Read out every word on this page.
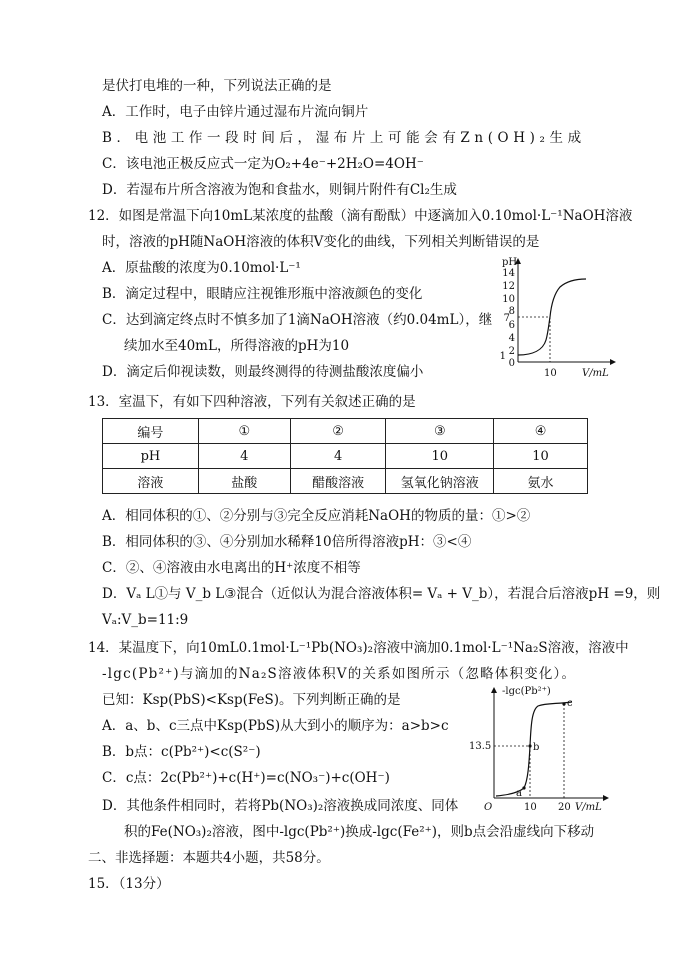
是伏打电堆的一种，下列说法正确的是
A．工作时，电子由锌片通过湿布片流向铜片
B．电池工作一段时间后，湿布片上可能会有Zn(OH)₂生成
C．该电池正极反应式一定为O₂+4e⁻+2H₂O=4OH⁻
D．若湿布片所含溶液为饱和食盐水，则铜片附件有Cl₂生成
12．如图是常温下向10mL某浓度的盐酸（滴有酚酞）中逐滴加入0.10mol·L⁻¹NaOH溶液
时，溶液的pH随NaOH溶液的体积V变化的曲线，下列相关判断错误的是
A．原盐酸的浓度为0.10mol·L⁻¹
B．滴定过程中，眼睛应注视锥形瓶中溶液颜色的变化
C．达到滴定终点时不慎多加了1滴NaOH溶液（约0.04mL），继
续加水至40mL，所得溶液的pH为10
D．滴定后仰视读数，则最终测得的待测盐酸浓度偏小
pH
14
12
10
8
7
6
4
2
1
0
10	V/mL
13．室温下，有如下四种溶液，下列有关叙述正确的是
编号	①	②	③	④
pH	4	4	10	10
溶液	盐酸	醋酸溶液	氢氧化钠溶液	氨水
A．相同体积的①、②分别与③完全反应消耗NaOH的物质的量：①>②
B．相同体积的③、④分别加水稀释10倍所得溶液pH：③<④
C．②、④溶液由水电离出的H⁺浓度不相等
D．Vₐ L①与 V_b L③混合（近似认为混合溶液体积= Vₐ + V_b），若混合后溶液pH =9，则
Vₐ:V_b=11:9
14．某温度下，向10mL0.1mol·L⁻¹Pb(NO₃)₂溶液中滴加0.1mol·L⁻¹Na₂S溶液，溶液中
-lgc(Pb²⁺)与滴加的Na₂S溶液体积V的关系如图所示（忽略体积变化）。
已知：Ksp(PbS)<Ksp(FeS)。下列判断正确的是
A．a、b、c三点中Ksp(PbS)从大到小的顺序为：a>b>c
B．b点：c(Pb²⁺)<c(S²⁻)
C．c点：2c(Pb²⁺)+c(H⁺)=c(NO₃⁻)+c(OH⁻)
D．其他条件相同时，若将Pb(NO₃)₂溶液换成同浓度、同体
积的Fe(NO₃)₂溶液，图中-lgc(Pb²⁺)换成-lgc(Fe²⁺)，则b点会沿虚线向下移动
-lgc(Pb²⁺)
13.5
a
b
c
O	10 20 V/mL
二、非选择题：本题共4小题，共58分。
15．（13分）
